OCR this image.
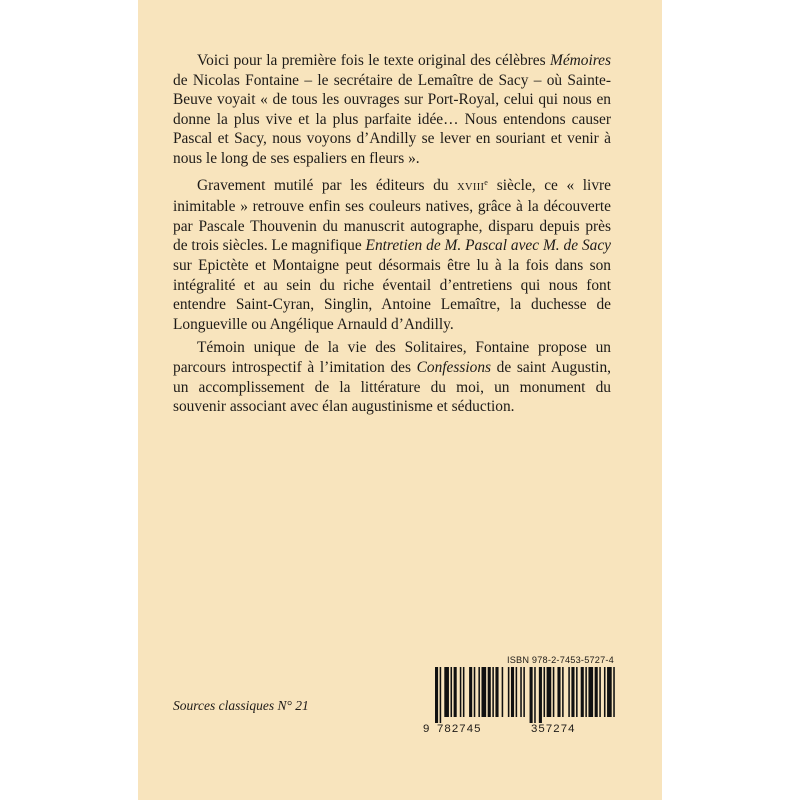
Voici pour la première fois le texte original des célèbres Mémoires de Nicolas Fontaine – le secrétaire de Lemaître de Sacy – où Sainte-Beuve voyait « de tous les ouvrages sur Port-Royal, celui qui nous en donne la plus vive et la plus parfaite idée… Nous entendons causer Pascal et Sacy, nous voyons d’Andilly se lever en souriant et venir à nous le long de ses espaliers en fleurs ».

Gravement mutilé par les éditeurs du XVIIIe siècle, ce « livre inimitable » retrouve enfin ses couleurs natives, grâce à la découverte par Pascale Thouvenin du manuscrit autographe, disparu depuis près de trois siècles. Le magnifique Entretien de M. Pascal avec M. de Sacy sur Epictète et Montaigne peut désormais être lu à la fois dans son intégralité et au sein du riche éventail d’entretiens qui nous font entendre Saint-Cyran, Singlin, Antoine Lemaître, la duchesse de Longueville ou Angélique Arnauld d’Andilly.

Témoin unique de la vie des Solitaires, Fontaine propose un parcours introspectif à l’imitation des Confessions de saint Augustin, un accomplissement de la littérature du moi, un monument du souvenir associant avec élan augustinisme et séduction.

Sources classiques N° 21
ISBN 978-2-7453-5727-4
9 782745	357274
